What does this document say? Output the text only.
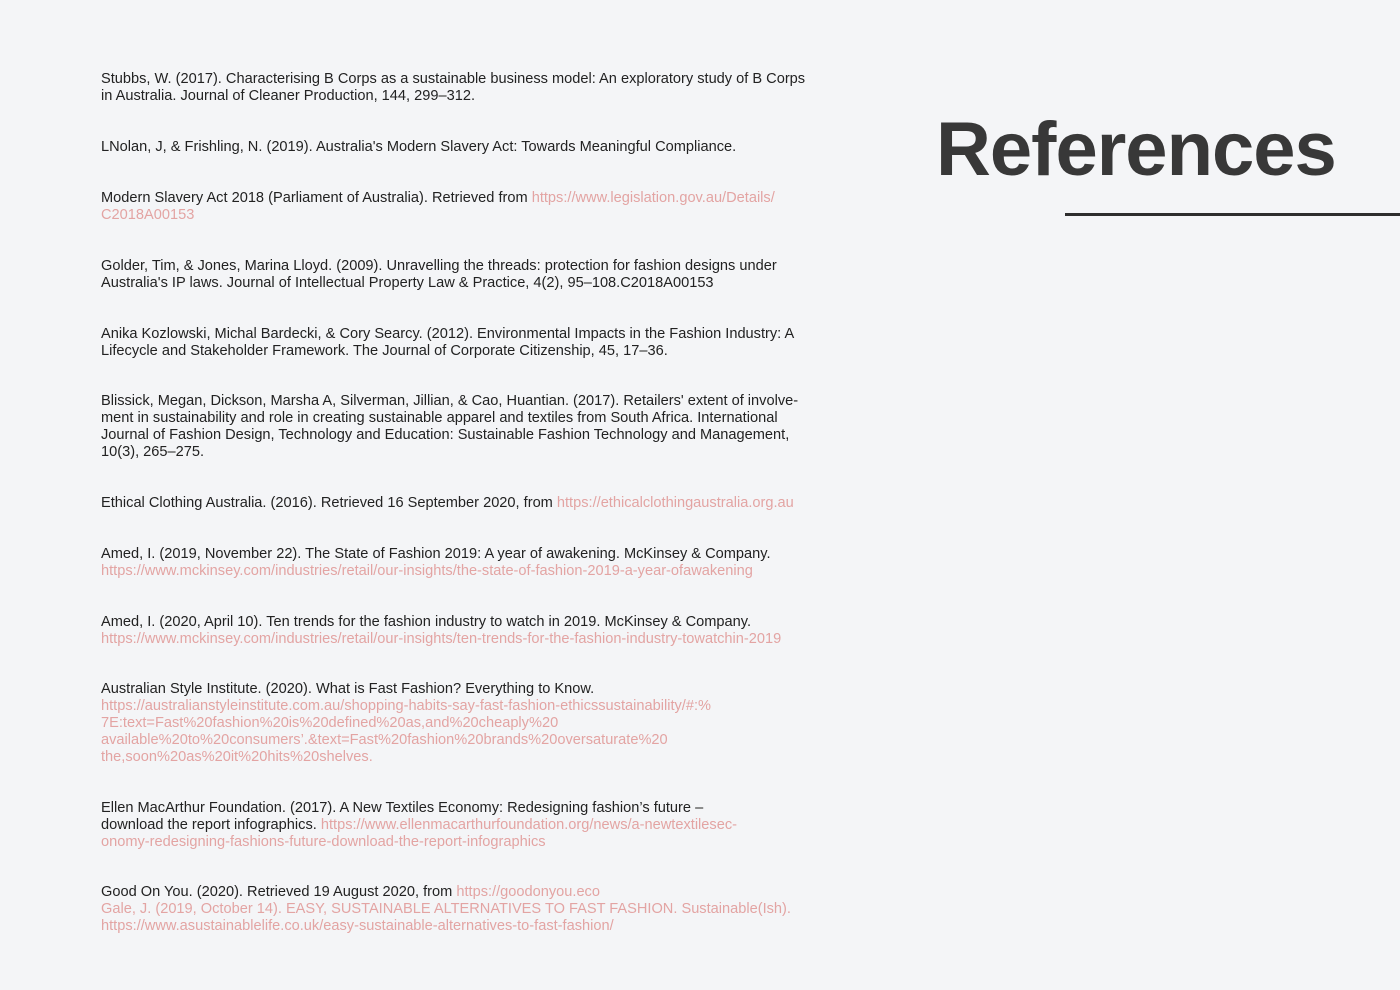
References
Stubbs, W. (2017). Characterising B Corps as a sustainable business model: An exploratory study of B Corps
in Australia. Journal of Cleaner Production, 144, 299–312.
LNolan, J, & Frishling, N. (2019). Australia's Modern Slavery Act: Towards Meaningful Compliance.
Modern Slavery Act 2018 (Parliament of Australia). Retrieved from https://www.legislation.gov.au/Details/
C2018A00153
Golder, Tim, & Jones, Marina Lloyd. (2009). Unravelling the threads: protection for fashion designs under
Australia's IP laws. Journal of Intellectual Property Law & Practice, 4(2), 95–108.C2018A00153
Anika Kozlowski, Michal Bardecki, & Cory Searcy. (2012). Environmental Impacts in the Fashion Industry: A
Lifecycle and Stakeholder Framework. The Journal of Corporate Citizenship, 45, 17–36.
Blissick, Megan, Dickson, Marsha A, Silverman, Jillian, & Cao, Huantian. (2017). Retailers' extent of involve-
ment in sustainability and role in creating sustainable apparel and textiles from South Africa. International
Journal of Fashion Design, Technology and Education: Sustainable Fashion Technology and Management,
10(3), 265–275.
Ethical Clothing Australia. (2016). Retrieved 16 September 2020, from https://ethicalclothingaustralia.org.au
Amed, I. (2019, November 22). The State of Fashion 2019: A year of awakening. McKinsey & Company.
https://www.mckinsey.com/industries/retail/our-insights/the-state-of-fashion-2019-a-year-ofawakening
Amed, I. (2020, April 10). Ten trends for the fashion industry to watch in 2019. McKinsey & Company.
https://www.mckinsey.com/industries/retail/our-insights/ten-trends-for-the-fashion-industry-towatchin-2019
Australian Style Institute. (2020). What is Fast Fashion? Everything to Know.
https://australianstyleinstitute.com.au/shopping-habits-say-fast-fashion-ethicssustainability/#:%
7E:text=Fast%20fashion%20is%20defined%20as,and%20cheaply%20
available%20to%20consumers’.&text=Fast%20fashion%20brands%20oversaturate%20
the,soon%20as%20it%20hits%20shelves.
Ellen MacArthur Foundation. (2017). A New Textiles Economy: Redesigning fashion’s future –
download the report infographics. https://www.ellenmacarthurfoundation.org/news/a-newtextilesec-
onomy-redesigning-fashions-future-download-the-report-infographics
Good On You. (2020). Retrieved 19 August 2020, from https://goodonyou.eco
Gale, J. (2019, October 14). EASY, SUSTAINABLE ALTERNATIVES TO FAST FASHION. Sustainable(Ish).
https://www.asustainablelife.co.uk/easy-sustainable-alternatives-to-fast-fashion/
